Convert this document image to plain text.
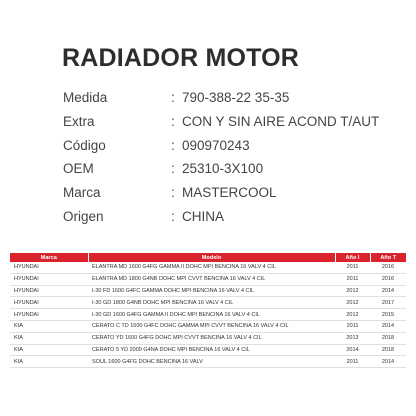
RADIADOR MOTOR
Medida	: 790-388-22 35-35
Extra	: CON Y SIN AIRE ACOND T/AUT
Código	: 090970243
OEM	: 25310-3X100
Marca	: MASTERCOOL
Origen	: CHINA
Marca	Modelo	Año I	Año T
HYUNDAI	ELANTRA MD 1600 G4FG GAMMA II DOHC MPI BENCINA 16 VALV 4 CIL	2011	2016
HYUNDAI	ELANTRA MD 1800 G4NB DOHC MPI CVVT BENCINA 16 VALV 4 CIL	2011	2016
HYUNDAI	I-30 FD 1600 G4FC GAMMA DOHC MPI BENCINA 16 VALV 4 CIL	2012	2014
HYUNDAI	I-30 GD 1800 G4NB DOHC MPI BENCINA 16 VALV 4 CIL	2012	2017
HYUNDAI	I-30 GD 1600 G4FG GAMMA II DOHC MPI BENCINA 16 VALV 4 CIL	2012	2015
KIA	CERATO C TD 1600 G4FC DOHC GAMMA MPI CVVT BENCINA 16 VALV 4 CIL	2011	2014
KIA	CERATO YD 1600 G4FG DOHC MPI CVVT BENCINA 16 VALV 4 CIL	2013	2018
KIA	CERATO 5 YD 2000 G4NA DOHC MPI BENCINA 16 VALV 4 CIL	2014	2018
KIA	SOUL 1600 G4FG DOHC BENCINA 16 VALV	2011	2014
